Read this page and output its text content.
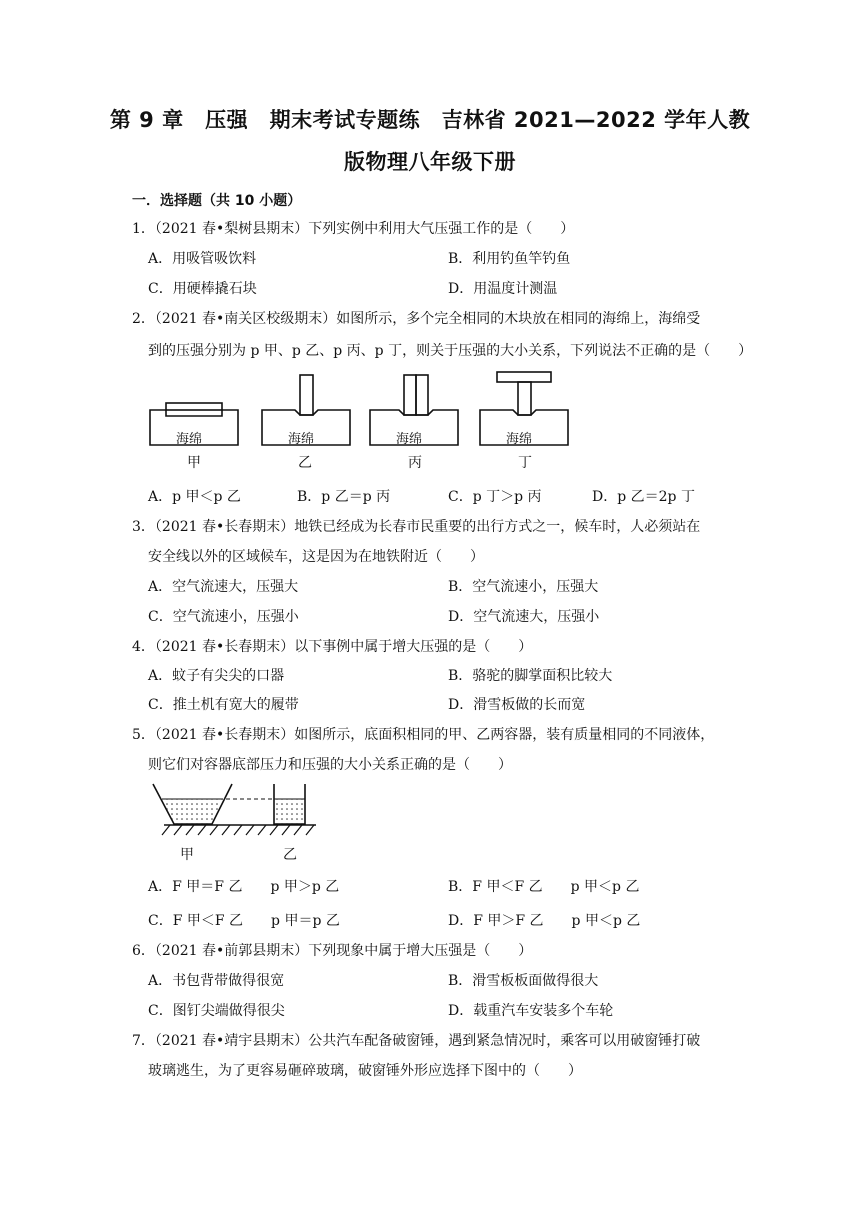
第 9 章　压强　期末考试专题练　吉林省 2021—2022 学年人教
版物理八年级下册
一．选择题（共 10 小题）
1．（2021 春•梨树县期末）下列实例中利用大气压强工作的是（　　）
A．用吸管吸饮料	B．利用钓鱼竿钓鱼
C．用硬棒撬石块	D．用温度计测温
2．（2021 春•南关区校级期末）如图所示，多个完全相同的木块放在相同的海绵上，海绵受
到的压强分别为 p 甲、p 乙、p 丙、p 丁，则关于压强的大小关系，下列说法不正确的是（　　）
海绵	海绵	海绵	海绵
甲	乙	丙	丁
A．p 甲＜p 乙	B．p 乙＝p 丙	C．p 丁＞p 丙	D．p 乙＝2p 丁
3．（2021 春•长春期末）地铁已经成为长春市民重要的出行方式之一，候车时，人必须站在
安全线以外的区域候车，这是因为在地铁附近（　　）
A．空气流速大，压强大	B．空气流速小，压强大
C．空气流速小，压强小	D．空气流速大，压强小
4．（2021 春•长春期末）以下事例中属于增大压强的是（　　）
A．蚊子有尖尖的口器	B．骆驼的脚掌面积比较大
C．推土机有宽大的履带	D．滑雪板做的长而宽
5．（2021 春•长春期末）如图所示，底面积相同的甲、乙两容器，装有质量相同的不同液体，
则它们对容器底部压力和压强的大小关系正确的是（　　）
甲	乙
A．F 甲＝F 乙　　p 甲＞p 乙	B．F 甲＜F 乙　　p 甲＜p 乙
C．F 甲＜F 乙　　p 甲＝p 乙	D．F 甲＞F 乙　　p 甲＜p 乙
6．（2021 春•前郭县期末）下列现象中属于增大压强是（　　）
A．书包背带做得很宽	B．滑雪板板面做得很大
C．图钉尖端做得很尖	D．载重汽车安装多个车轮
7．（2021 春•靖宇县期末）公共汽车配备破窗锤，遇到紧急情况时，乘客可以用破窗锤打破
玻璃逃生，为了更容易砸碎玻璃，破窗锤外形应选择下图中的（　　）
